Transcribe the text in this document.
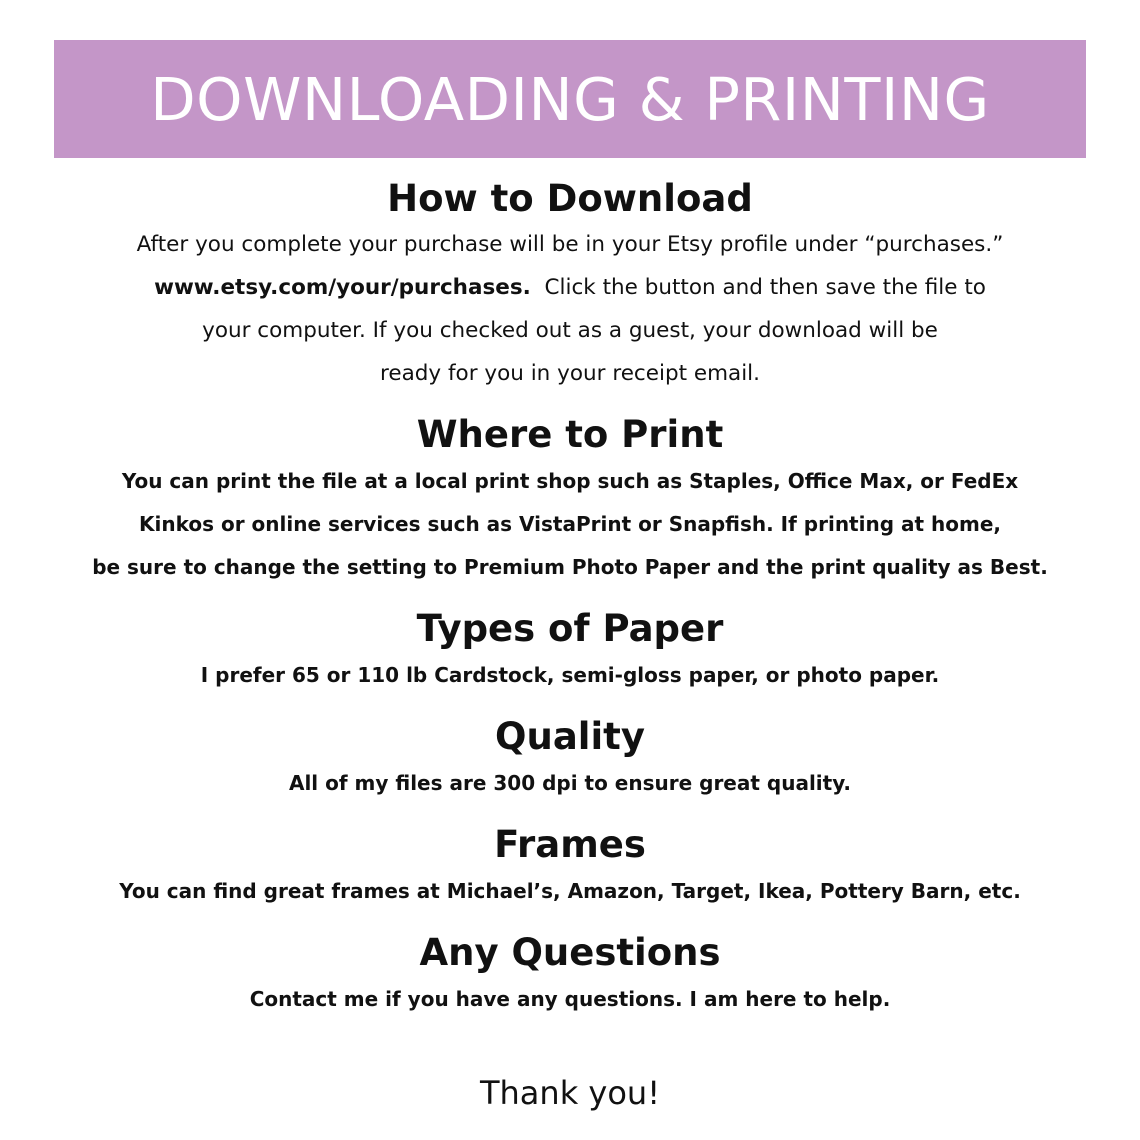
DOWNLOADING & PRINTING
How to Download
After you complete your purchase will be in your Etsy profile under “purchases.”
www.etsy.com/your/purchases.  Click the button and then save the file to
your computer. If you checked out as a guest, your download will be
ready for you in your receipt email.
Where to Print
You can print the file at a local print shop such as Staples, Office Max, or FedEx
Kinkos or online services such as VistaPrint or Snapfish. If printing at home,
be sure to change the setting to Premium Photo Paper and the print quality as Best.
Types of Paper
I prefer 65 or 110 lb Cardstock, semi-gloss paper, or photo paper.
Quality
All of my files are 300 dpi to ensure great quality.
Frames
You can find great frames at Michael’s, Amazon, Target, Ikea, Pottery Barn, etc.
Any Questions
Contact me if you have any questions. I am here to help.
Thank you!
